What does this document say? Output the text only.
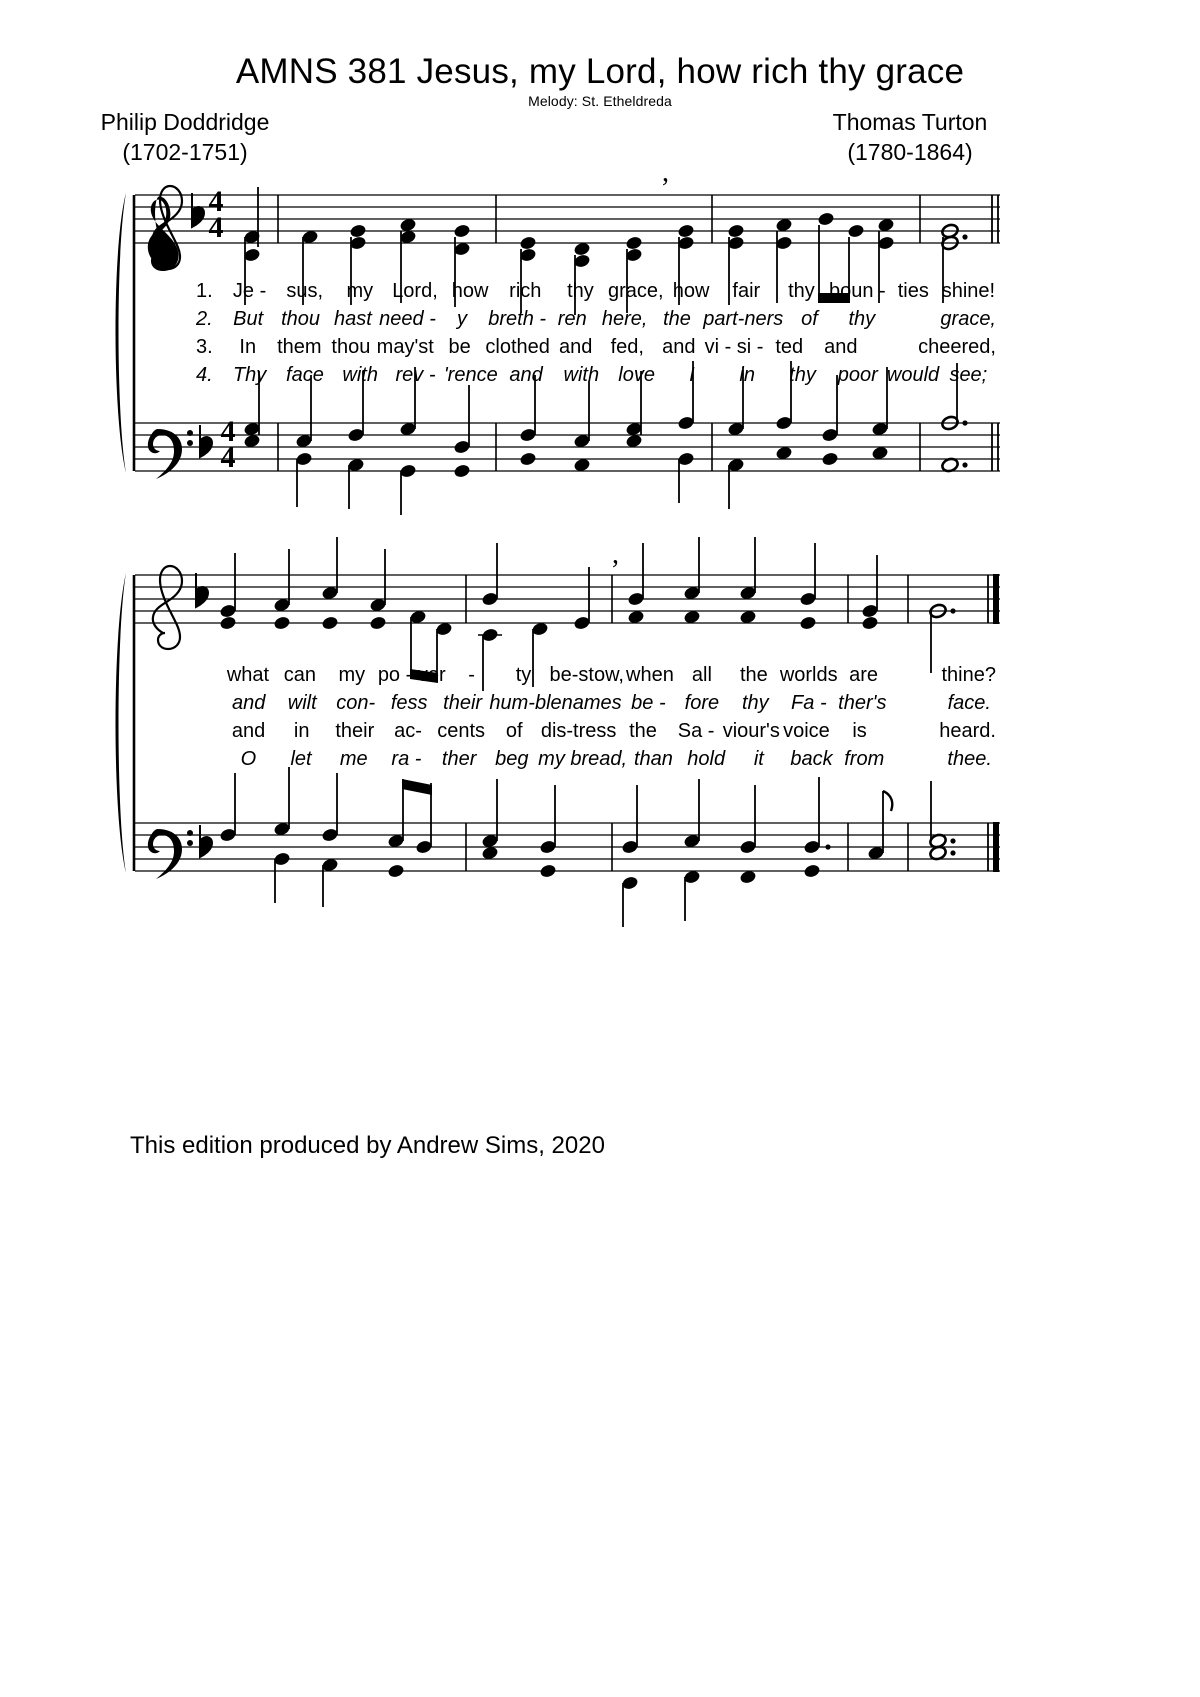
AMNS 381 Jesus, my Lord, how rich thy grace
Melody: St. Etheldreda
Philip Doddridge
(1702-1751)
Thomas Turton
(1780-1864)
4
4
,
4
4
1.	Je -	sus,	my Lord, how	rich	thy grace, how	fair	thy boun - ties shine!
2.	But thou hast need -	y	breth - ren here, the part-ners of	thy	grace,
3.	In	them thou may'st be clothed and fed, and vi - si - ted	and	cheered,
4.	Thy face with rev - 'rence and	with love	I	in	thy	poor would see;
,
what can	my po - ver	-	ty be-stow, when all	the worlds are	thine?
and	wilt con- fess their hum-ble names be - fore	thy	Fa - ther's	face.
and	in	their ac- cents	of dis-tress the	Sa - viour's voice	is	heard.
O	let	me	ra -	ther beg my bread, than hold	it	back from	thee.
This edition produced by Andrew Sims, 2020
